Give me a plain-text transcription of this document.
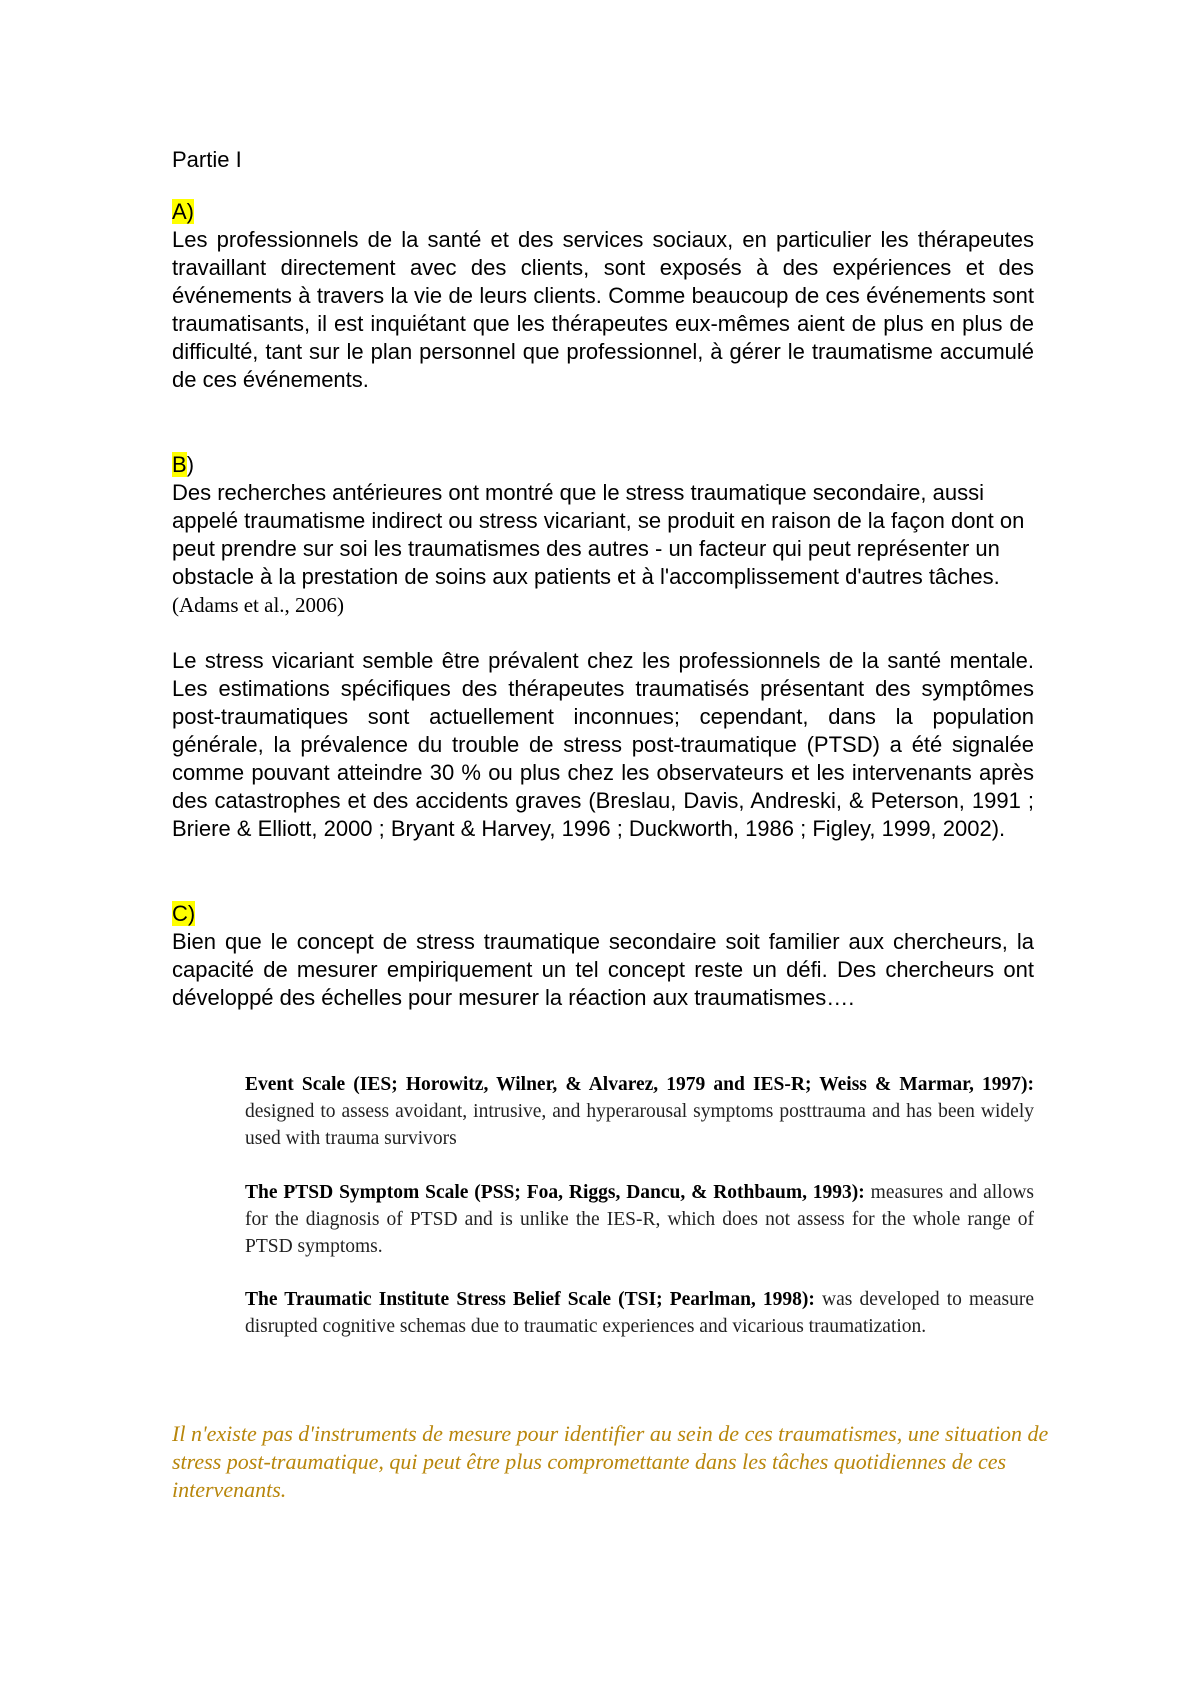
Partie I

A)

Les professionnels de la santé et des services sociaux, en particulier les thérapeutes travaillant directement avec des clients, sont exposés à des expériences et des événements à travers la vie de leurs clients. Comme beaucoup de ces événements sont traumatisants, il est inquiétant que les thérapeutes eux-mêmes aient de plus en plus de difficulté, tant sur le plan personnel que professionnel, à gérer le traumatisme accumulé de ces événements.

B)

Des recherches antérieures ont montré que le stress traumatique secondaire, aussi appelé traumatisme indirect ou stress vicariant, se produit en raison de la façon dont on peut prendre sur soi les traumatismes des autres - un facteur qui peut représenter un obstacle à la prestation de soins aux patients et à l'accomplissement d'autres tâches. (Adams et al., 2006)

Le stress vicariant semble être prévalent chez les professionnels de la santé mentale. Les estimations spécifiques des thérapeutes traumatisés présentant des symptômes post-traumatiques sont actuellement inconnues; cependant, dans la population générale, la prévalence du trouble de stress post-traumatique (PTSD) a été signalée comme pouvant atteindre 30 % ou plus chez les observateurs et les intervenants après des catastrophes et des accidents graves (Breslau, Davis, Andreski, & Peterson, 1991 ; Briere & Elliott, 2000 ; Bryant & Harvey, 1996 ; Duckworth, 1986 ; Figley, 1999, 2002).

C)

Bien que le concept de stress traumatique secondaire soit familier aux chercheurs, la capacité de mesurer empiriquement un tel concept reste un défi. Des chercheurs ont développé des échelles pour mesurer la réaction aux traumatismes….

Event Scale (IES; Horowitz, Wilner, & Alvarez, 1979 and IES-R; Weiss & Marmar, 1997): designed to assess avoidant, intrusive, and hyperarousal symptoms posttrauma and has been widely used with trauma survivors
The PTSD Symptom Scale (PSS; Foa, Riggs, Dancu, & Rothbaum, 1993): measures and allows for the diagnosis of PTSD and is unlike the IES-R, which does not assess for the whole range of PTSD symptoms.
The Traumatic Institute Stress Belief Scale (TSI; Pearlman, 1998): was developed to measure disrupted cognitive schemas due to traumatic experiences and vicarious traumatization.

Il n'existe pas d'instruments de mesure pour identifier au sein de ces traumatismes, une situation de stress post-traumatique, qui peut être plus compromettante dans les tâches quotidiennes de ces intervenants.
